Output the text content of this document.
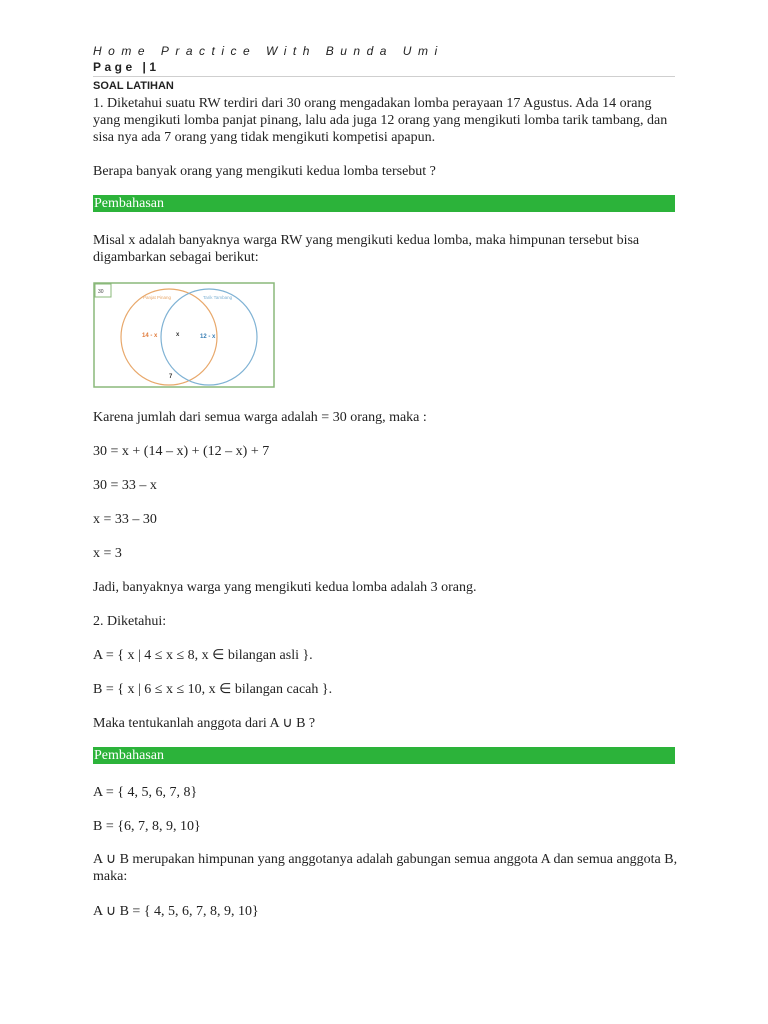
Home Practice With Bunda Umi
Page |1
SOAL LATIHAN

1. Diketahui suatu RW terdiri dari 30 orang mengadakan lomba perayaan 17 Agustus. Ada 14 orang yang mengikuti lomba panjat pinang, lalu ada juga 12 orang yang mengikuti lomba tarik tambang, dan sisa nya ada 7 orang yang tidak mengikuti kompetisi apapun.

Berapa banyak orang yang mengikuti kedua lomba tersebut ?

Pembahasan

Misal x adalah banyaknya warga RW yang mengikuti kedua lomba, maka himpunan tersebut bisa digambarkan sebagai berikut:

30
Panjat Pinang	Tarik Tambang
14 - x	x	12 - x
7

Karena jumlah dari semua warga adalah = 30 orang, maka :

30 = x + (14 – x) + (12 – x) + 7

30 = 33 – x

x = 33 – 30

x = 3

Jadi, banyaknya warga yang mengikuti kedua lomba adalah 3 orang.

2. Diketahui:

A = { x | 4 ≤ x ≤ 8, x ∈ bilangan asli }.

B = { x | 6 ≤ x ≤ 10, x ∈ bilangan cacah }.

Maka tentukanlah anggota dari A ∪ B ?

Pembahasan

A = { 4, 5, 6, 7, 8}

B = {6, 7, 8, 9, 10}

A ∪ B merupakan himpunan yang anggotanya adalah gabungan semua anggota A dan semua anggota B, maka:

A ∪ B = { 4, 5, 6, 7, 8, 9, 10}
